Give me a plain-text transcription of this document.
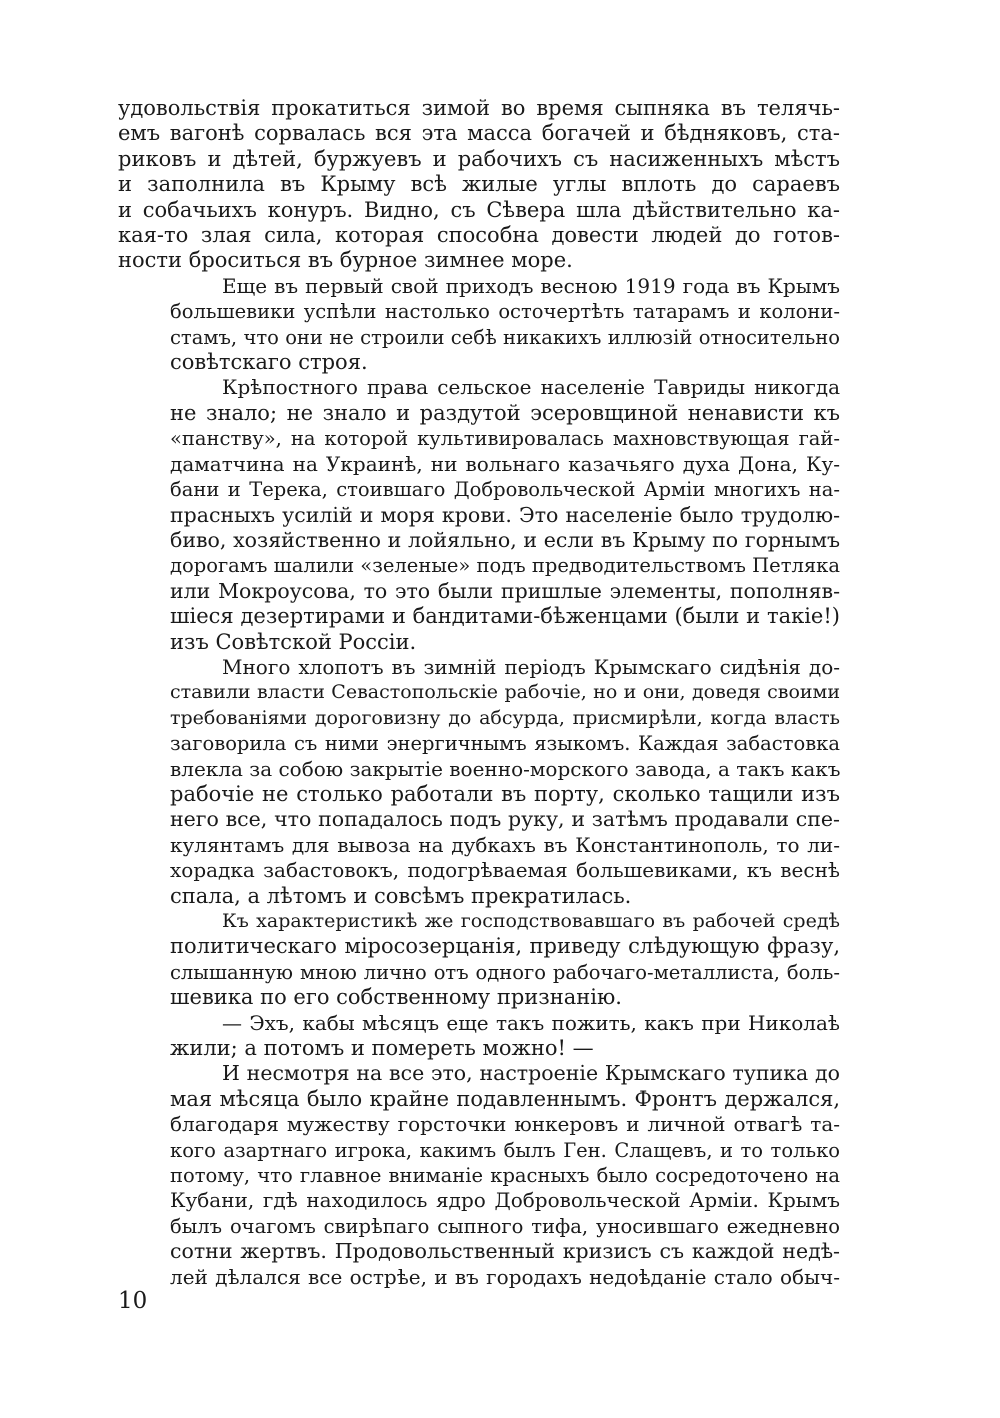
удовольствія прокатиться зимой во время сыпняка въ телячь-
емъ вагонѣ сорвалась вся эта масса богачей и бѣдняковъ, ста-
риковъ и дѣтей, буржуевъ и рабочихъ съ насиженныхъ мѣстъ
и заполнила въ Крыму всѣ жилые углы вплоть до сараевъ
и собачьихъ конуръ. Видно, съ Сѣвера шла дѣйствительно ка-
кая-то злая сила, которая способна довести людей до готов-
ности броситься въ бурное зимнее море.
Еще въ первый свой приходъ весною 1919 года въ Крымъ
большевики успѣли настолько осточертѣть татарамъ и колони-
стамъ, что они не строили себѣ никакихъ иллюзій относительно
совѣтскаго строя.
Крѣпостного права сельское населеніе Тавриды никогда
не знало; не знало и раздутой эсеровщиной ненависти къ
«панству», на которой культивировалась махновствующая гай-
даматчина на Украинѣ, ни вольнаго казачьяго духа Дона, Ку-
бани и Терека, стоившаго Добровольческой Арміи многихъ на-
прасныхъ усилій и моря крови. Это населеніе было трудолю-
биво, хозяйственно и лойяльно, и если въ Крыму по горнымъ
дорогамъ шалили «зеленые» подъ предводительствомъ Петляка
или Мокроусова, то это были пришлые элементы, пополняв-
шіеся дезертирами и бандитами-бѣженцами (были и такіе!)
изъ Совѣтской Россіи.
Много хлопотъ въ зимній періодъ Крымскаго сидѣнія до-
ставили власти Севастопольскіе рабочіе, но и они, доведя своими
требованіями дороговизну до абсурда, присмирѣли, когда власть
заговорила съ ними энергичнымъ языкомъ. Каждая забастовка
влекла за собою закрытіе военно-морского завода, а такъ какъ
рабочіе не столько работали въ порту, сколько тащили изъ
него все, что попадалось подъ руку, и затѣмъ продавали спе-
кулянтамъ для вывоза на дубкахъ въ Константинополь, то ли-
хорадка забастовокъ, подогрѣваемая большевиками, къ веснѣ
спала, а лѣтомъ и совсѣмъ прекратилась.
Къ характеристикѣ же господствовавшаго въ рабочей средѣ
политическаго міросозерцанія, приведу слѣдующую фразу,
слышанную мною лично отъ одного рабочаго-металлиста, боль-
шевика по его собственному признанію.
— Эхъ, кабы мѣсяцъ еще такъ пожить, какъ при Николаѣ
жили; а потомъ и помереть можно! —
И несмотря на все это, настроеніе Крымскаго тупика до
мая мѣсяца было крайне подавленнымъ. Фронтъ держался,
благодаря мужеству горсточки юнкеровъ и личной отвагѣ та-
кого азартнаго игрока, какимъ былъ Ген. Слащевъ, и то только
потому, что главное вниманіе красныхъ было сосредоточено на
Кубани, гдѣ находилось ядро Добровольческой Арміи. Крымъ
былъ очагомъ свирѣпаго сыпного тифа, уносившаго ежедневно
сотни жертвъ. Продовольственный кризисъ съ каждой недѣ-
лей дѣлался все острѣе, и въ городахъ недоѣданіе стало обыч-
10
